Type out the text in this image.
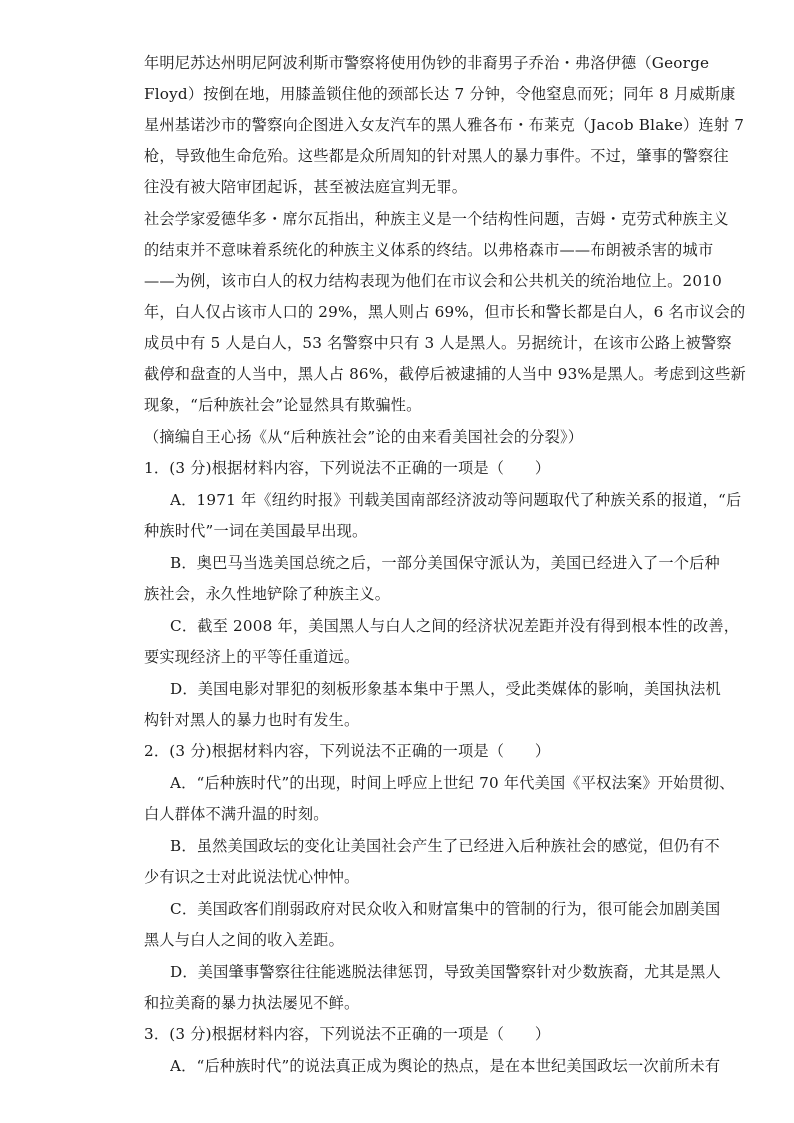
年明尼苏达州明尼阿波利斯市警察将使用伪钞的非裔男子乔治・弗洛伊德（George
Floyd）按倒在地，用膝盖锁住他的颈部长达 7 分钟，令他窒息而死；同年 8 月威斯康
星州基诺沙市的警察向企图进入女友汽车的黑人雅各布・布莱克（Jacob Blake）连射 7
枪，导致他生命危殆。这些都是众所周知的针对黑人的暴力事件。不过，肇事的警察往
往没有被大陪审团起诉，甚至被法庭宣判无罪。
社会学家爱德华多・席尔瓦指出，种族主义是一个结构性问题，吉姆・克劳式种族主义
的结束并不意味着系统化的种族主义体系的终结。以弗格森市——布朗被杀害的城市
——为例，该市白人的权力结构表现为他们在市议会和公共机关的统治地位上。2010
年，白人仅占该市人口的 29%，黑人则占 69%，但市长和警长都是白人，6 名市议会的
成员中有 5 人是白人，53 名警察中只有 3 人是黑人。另据统计，在该市公路上被警察
截停和盘查的人当中，黑人占 86%，截停后被逮捕的人当中 93%是黑人。考虑到这些新
现象，“后种族社会”论显然具有欺骗性。
（摘编自王心扬《从“后种族社会”论的由来看美国社会的分裂》）
1．(3 分)根据材料内容，下列说法不正确的一项是（　　）
A．1971 年《纽约时报》刊载美国南部经济波动等问题取代了种族关系的报道，“后
种族时代”一词在美国最早出现。
B．奥巴马当选美国总统之后，一部分美国保守派认为，美国已经进入了一个后种
族社会，永久性地铲除了种族主义。
C．截至 2008 年，美国黑人与白人之间的经济状况差距并没有得到根本性的改善，
要实现经济上的平等任重道远。
D．美国电影对罪犯的刻板形象基本集中于黑人，受此类媒体的影响，美国执法机
构针对黑人的暴力也时有发生。
2．(3 分)根据材料内容，下列说法不正确的一项是（　　）
A．“后种族时代”的出现，时间上呼应上世纪 70 年代美国《平权法案》开始贯彻、
白人群体不满升温的时刻。
B．虽然美国政坛的变化让美国社会产生了已经进入后种族社会的感觉，但仍有不
少有识之士对此说法忧心忡忡。
C．美国政客们削弱政府对民众收入和财富集中的管制的行为，很可能会加剧美国
黑人与白人之间的收入差距。
D．美国肇事警察往往能逃脱法律惩罚，导致美国警察针对少数族裔，尤其是黑人
和拉美裔的暴力执法屡见不鲜。
3．(3 分)根据材料内容，下列说法不正确的一项是（　　）
A．“后种族时代”的说法真正成为舆论的热点，是在本世纪美国政坛一次前所未有
